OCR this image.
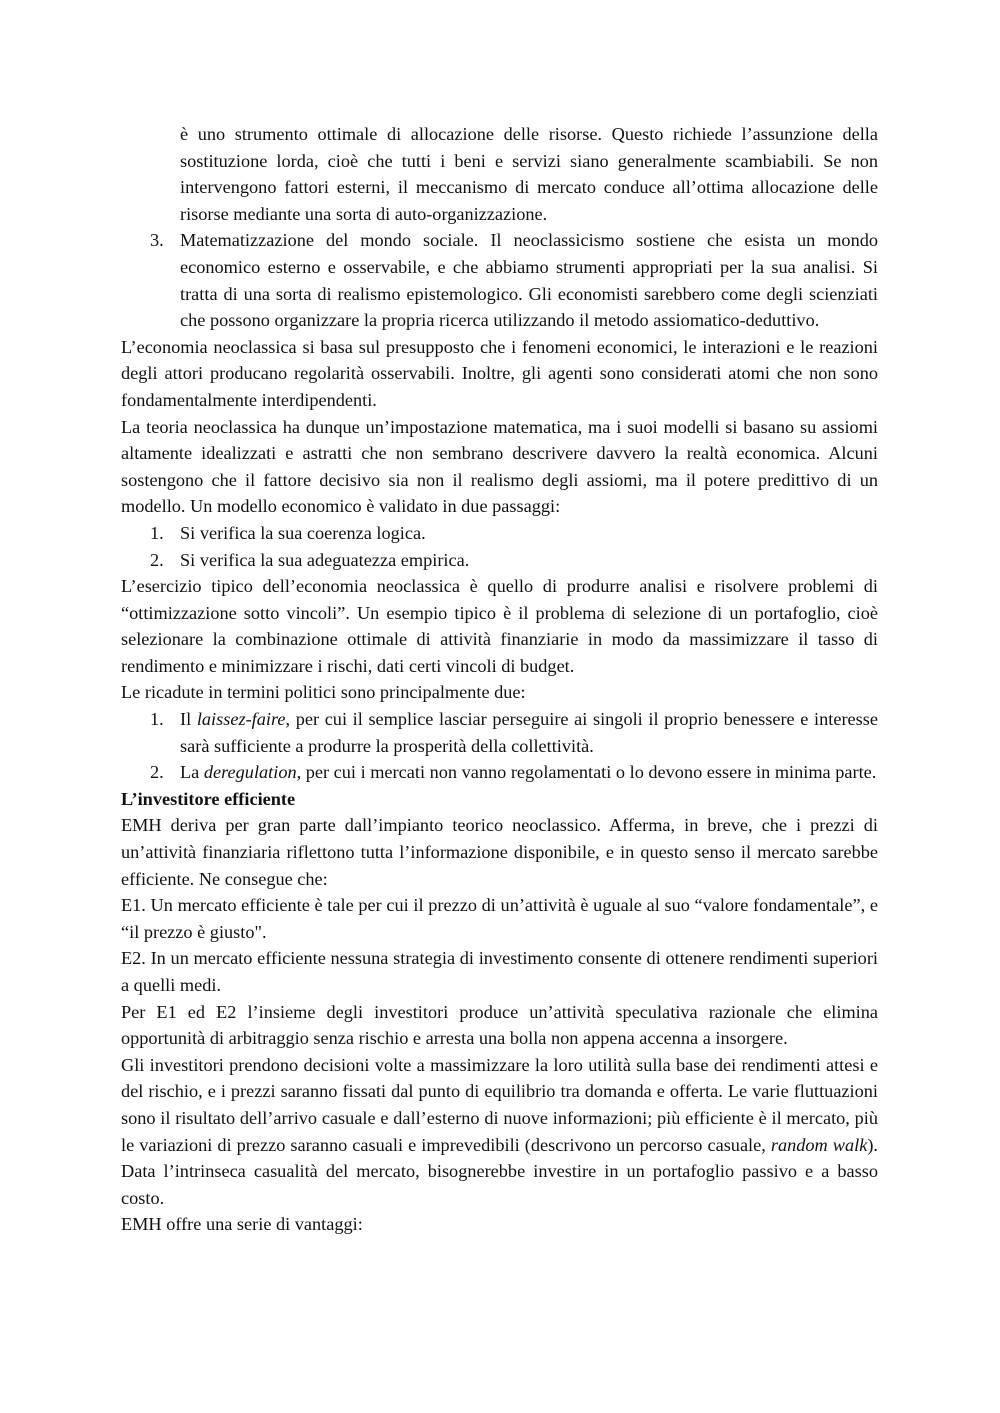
è uno strumento ottimale di allocazione delle risorse. Questo richiede l’assunzione della sostituzione lorda, cioè che tutti i beni e servizi siano generalmente scambiabili. Se non intervengono fattori esterni, il meccanismo di mercato conduce all’ottima allocazione delle risorse mediante una sorta di auto-organizzazione.

3. Matematizzazione del mondo sociale. Il neoclassicismo sostiene che esista un mondo economico esterno e osservabile, e che abbiamo strumenti appropriati per la sua analisi. Si tratta di una sorta di realismo epistemologico. Gli economisti sarebbero come degli scienziati che possono organizzare la propria ricerca utilizzando il metodo assiomatico-deduttivo.

L’economia neoclassica si basa sul presupposto che i fenomeni economici, le interazioni e le reazioni degli attori producano regolarità osservabili. Inoltre, gli agenti sono considerati atomi che non sono fondamentalmente interdipendenti.

La teoria neoclassica ha dunque un’impostazione matematica, ma i suoi modelli si basano su assiomi altamente idealizzati e astratti che non sembrano descrivere davvero la realtà economica. Alcuni sostengono che il fattore decisivo sia non il realismo degli assiomi, ma il potere predittivo di un modello. Un modello economico è validato in due passaggi:

1. Si verifica la sua coerenza logica.
2. Si verifica la sua adeguatezza empirica.

L’esercizio tipico dell’economia neoclassica è quello di produrre analisi e risolvere problemi di “ottimizzazione sotto vincoli”. Un esempio tipico è il problema di selezione di un portafoglio, cioè selezionare la combinazione ottimale di attività finanziarie in modo da massimizzare il tasso di rendimento e minimizzare i rischi, dati certi vincoli di budget.

Le ricadute in termini politici sono principalmente due:

1. Il laissez-faire, per cui il semplice lasciar perseguire ai singoli il proprio benessere e interesse sarà sufficiente a produrre la prosperità della collettività.
2. La deregulation, per cui i mercati non vanno regolamentati o lo devono essere in minima parte.

L’investitore efficiente

EMH deriva per gran parte dall’impianto teorico neoclassico. Afferma, in breve, che i prezzi di un’attività finanziaria riflettono tutta l’informazione disponibile, e in questo senso il mercato sarebbe efficiente. Ne consegue che:

E1. Un mercato efficiente è tale per cui il prezzo di un’attività è uguale al suo “valore fondamentale”, e “il prezzo è giusto".

E2. In un mercato efficiente nessuna strategia di investimento consente di ottenere rendimenti superiori a quelli medi.

Per E1 ed E2 l’insieme degli investitori produce un’attività speculativa razionale che elimina opportunità di arbitraggio senza rischio e arresta una bolla non appena accenna a insorgere.

Gli investitori prendono decisioni volte a massimizzare la loro utilità sulla base dei rendimenti attesi e del rischio, e i prezzi saranno fissati dal punto di equilibrio tra domanda e offerta. Le varie fluttuazioni sono il risultato dell’arrivo casuale e dall’esterno di nuove informazioni; più efficiente è il mercato, più le variazioni di prezzo saranno casuali e imprevedibili (descrivono un percorso casuale, random walk). Data l’intrinseca casualità del mercato, bisognerebbe investire in un portafoglio passivo e a basso costo.

EMH offre una serie di vantaggi:
